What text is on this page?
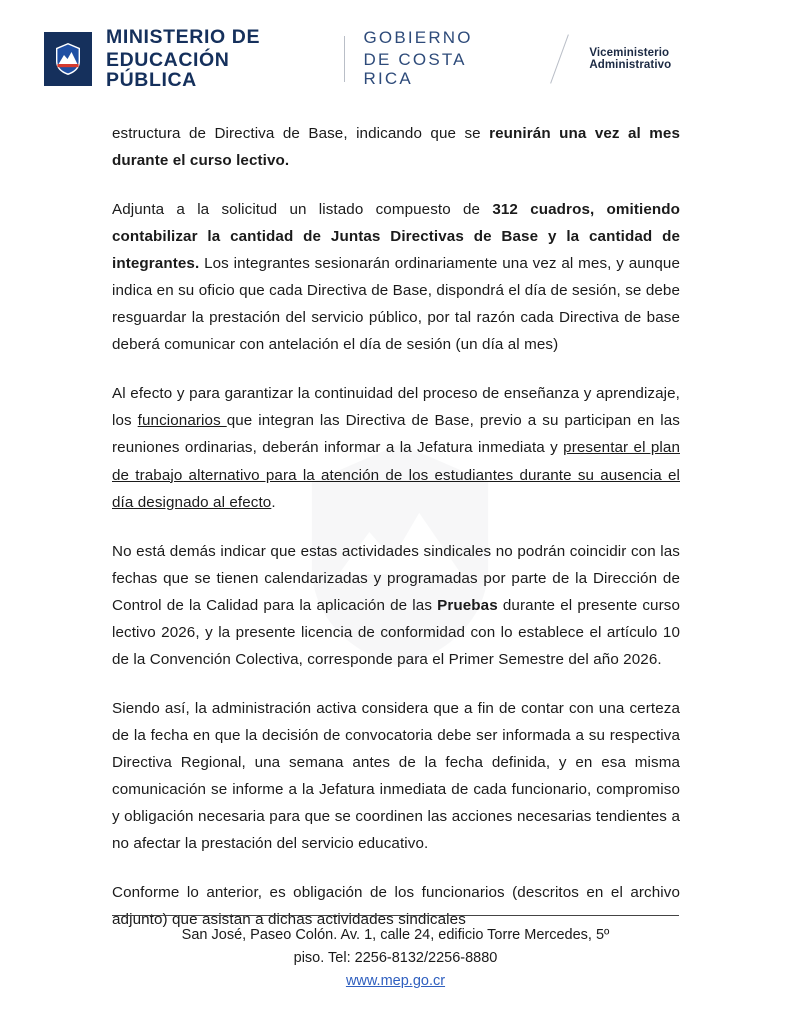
MINISTERIO DE
EDUCACIÓN PÚBLICA
GOBIERNO
DE COSTA RICA
Viceministerio Administrativo

estructura de Directiva de Base, indicando que se reunirán una vez al mes durante el curso lectivo.

Adjunta a la solicitud un listado compuesto de 312 cuadros, omitiendo contabilizar la cantidad de Juntas Directivas de Base y la cantidad de integrantes. Los integrantes sesionarán ordinariamente una vez al mes, y aunque indica en su oficio que cada Directiva de Base, dispondrá el día de sesión, se debe resguardar la prestación del servicio público, por tal razón cada Directiva de base deberá comunicar con antelación el día de sesión (un día al mes)

Al efecto y para garantizar la continuidad del proceso de enseñanza y aprendizaje, los funcionarios que integran las Directiva de Base, previo a su participan en las reuniones ordinarias, deberán informar a la Jefatura inmediata y presentar el plan de trabajo alternativo para la atención de los estudiantes durante su ausencia el día designado al efecto.

No está demás indicar que estas actividades sindicales no podrán coincidir con las fechas que se tienen calendarizadas y programadas por parte de la Dirección de Control de la Calidad para la aplicación de las Pruebas durante el presente curso lectivo 2026, y la presente licencia de conformidad con lo establece el artículo 10 de la Convención Colectiva, corresponde para el Primer Semestre del año 2026.

Siendo así, la administración activa considera que a fin de contar con una certeza de la fecha en que la decisión de convocatoria debe ser informada a su respectiva Directiva Regional, una semana antes de la fecha definida, y en esa misma comunicación se informe a la Jefatura inmediata de cada funcionario, compromiso y obligación necesaria para que se coordinen las acciones necesarias tendientes a no afectar la prestación del servicio educativo.

Conforme lo anterior, es obligación de los funcionarios (descritos en el archivo adjunto) que asistan a dichas actividades sindicales

San José, Paseo Colón. Av. 1, calle 24, edificio Torre Mercedes, 5º
piso. Tel: 2256-8132/2256-8880
www.mep.go.cr
